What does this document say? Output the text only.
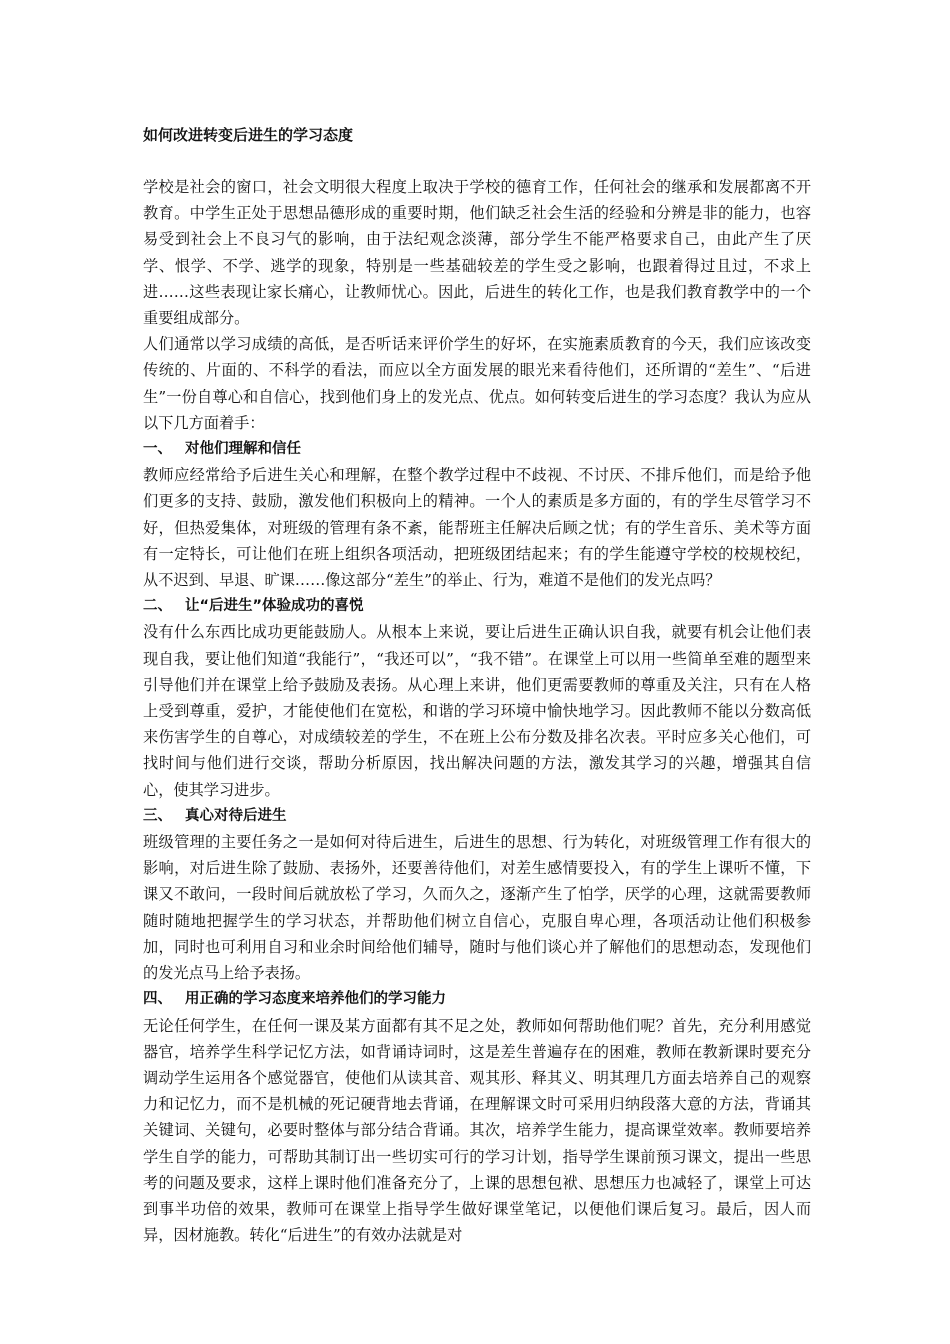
如何改进转变后进生的学习态度

学校是社会的窗口，社会文明很大程度上取决于学校的德育工作，任何社会的继承和发展都离不开教育。中学生正处于思想品德形成的重要时期，他们缺乏社会生活的经验和分辨是非的能力，也容易受到社会上不良习气的影响，由于法纪观念淡薄，部分学生不能严格要求自己，由此产生了厌学、恨学、不学、逃学的现象，特别是一些基础较差的学生受之影响，也跟着得过且过，不求上进……这些表现让家长痛心，让教师忧心。因此，后进生的转化工作，也是我们教育教学中的一个重要组成部分。

人们通常以学习成绩的高低，是否听话来评价学生的好坏，在实施素质教育的今天，我们应该改变传统的、片面的、不科学的看法，而应以全方面发展的眼光来看待他们，还所谓的“差生”、“后进生”一份自尊心和自信心，找到他们身上的发光点、优点。如何转变后进生的学习态度？我认为应从以下几方面着手：

一、 对他们理解和信任

教师应经常给予后进生关心和理解，在整个教学过程中不歧视、不讨厌、不排斥他们，而是给予他们更多的支持、鼓励，激发他们积极向上的精神。一个人的素质是多方面的，有的学生尽管学习不好，但热爱集体，对班级的管理有条不紊，能帮班主任解决后顾之忧；有的学生音乐、美术等方面有一定特长，可让他们在班上组织各项活动，把班级团结起来；有的学生能遵守学校的校规校纪，从不迟到、早退、旷课……像这部分“差生”的举止、行为，难道不是他们的发光点吗？

二、 让“后进生”体验成功的喜悦

没有什么东西比成功更能鼓励人。从根本上来说，要让后进生正确认识自我，就要有机会让他们表现自我，要让他们知道“我能行”，“我还可以”，“我不错”。在课堂上可以用一些简单至难的题型来引导他们并在课堂上给予鼓励及表扬。从心理上来讲，他们更需要教师的尊重及关注，只有在人格上受到尊重，爱护，才能使他们在宽松，和谐的学习环境中愉快地学习。因此教师不能以分数高低来伤害学生的自尊心，对成绩较差的学生，不在班上公布分数及排名次表。平时应多关心他们，可找时间与他们进行交谈，帮助分析原因，找出解决问题的方法，激发其学习的兴趣，增强其自信心，使其学习进步。

三、 真心对待后进生

班级管理的主要任务之一是如何对待后进生，后进生的思想、行为转化，对班级管理工作有很大的影响，对后进生除了鼓励、表扬外，还要善待他们，对差生感情要投入，有的学生上课听不懂，下课又不敢问，一段时间后就放松了学习，久而久之，逐渐产生了怕学，厌学的心理，这就需要教师随时随地把握学生的学习状态，并帮助他们树立自信心，克服自卑心理，各项活动让他们积极参加，同时也可利用自习和业余时间给他们辅导，随时与他们谈心并了解他们的思想动态，发现他们的发光点马上给予表扬。

四、 用正确的学习态度来培养他们的学习能力

无论任何学生，在任何一课及某方面都有其不足之处，教师如何帮助他们呢？首先，充分利用感觉器官，培养学生科学记忆方法，如背诵诗词时，这是差生普遍存在的困难，教师在教新课时要充分调动学生运用各个感觉器官，使他们从读其音、观其形、释其义、明其理几方面去培养自己的观察力和记忆力，而不是机械的死记硬背地去背诵，在理解课文时可采用归纳段落大意的方法，背诵其关键词、关键句，必要时整体与部分结合背诵。其次，培养学生能力，提高课堂效率。教师要培养学生自学的能力，可帮助其制订出一些切实可行的学习计划，指导学生课前预习课文，提出一些思考的问题及要求，这样上课时他们准备充分了，上课的思想包袱、思想压力也减轻了，课堂上可达到事半功倍的效果，教师可在课堂上指导学生做好课堂笔记，以便他们课后复习。最后，因人而异，因材施教。转化“后进生”的有效办法就是对
